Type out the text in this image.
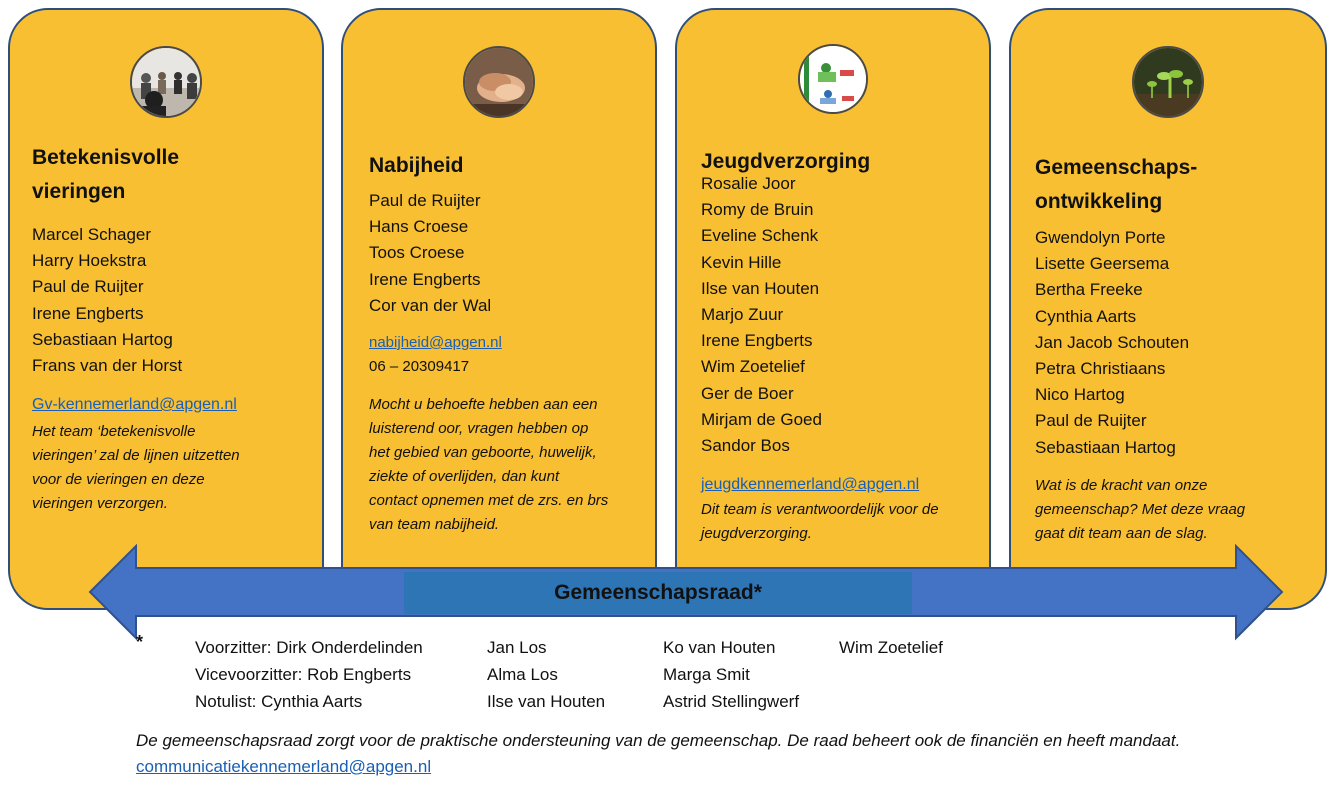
Betekenisvolle
vieringen
Marcel Schager
Harry Hoekstra
Paul de Ruijter
Irene Engberts
Sebastiaan Hartog
Frans van der Horst
Gv-kennemerland@apgen.nl
Het team ‘betekenisvolle
vieringen’ zal de lijnen uitzetten
voor de vieringen en deze
vieringen verzorgen.
Nabijheid
Paul de Ruijter
Hans Croese
Toos Croese
Irene Engberts
Cor van der Wal
nabijheid@apgen.nl
06 – 20309417
Mocht u behoefte hebben aan een
luisterend oor, vragen hebben op
het gebied van geboorte, huwelijk,
ziekte of overlijden, dan kunt
contact opnemen met de zrs. en brs
van team nabijheid.
Jeugdverzorging
Rosalie Joor
Romy de Bruin
Eveline Schenk
Kevin Hille
Ilse van Houten
Marjo Zuur
Irene Engberts
Wim Zoetelief
Ger de Boer
Mirjam de Goed
Sandor Bos
jeugdkennemerland@apgen.nl
Dit team is verantwoordelijk voor de
jeugdverzorging.
Gemeenschaps-
ontwikkeling
Gwendolyn Porte
Lisette Geersema
Bertha Freeke
Cynthia Aarts
Jan Jacob Schouten
Petra Christiaans
Nico Hartog
Paul de Ruijter
Sebastiaan Hartog
Wat is de kracht van onze
gemeenschap? Met deze vraag
gaat dit team aan de slag.
Gemeenschapsraad*
*	Voorzitter: Dirk Onderdelinden
Vicevoorzitter: Rob Engberts
Notulist: Cynthia Aarts
Jan Los
Alma Los
Ilse van Houten
Ko van Houten
Marga Smit
Astrid Stellingwerf
Wim Zoetelief
De gemeenschapsraad zorgt voor de praktische ondersteuning van de gemeenschap. De raad beheert ook de financiën en heeft mandaat.
communicatiekennemerland@apgen.nl
